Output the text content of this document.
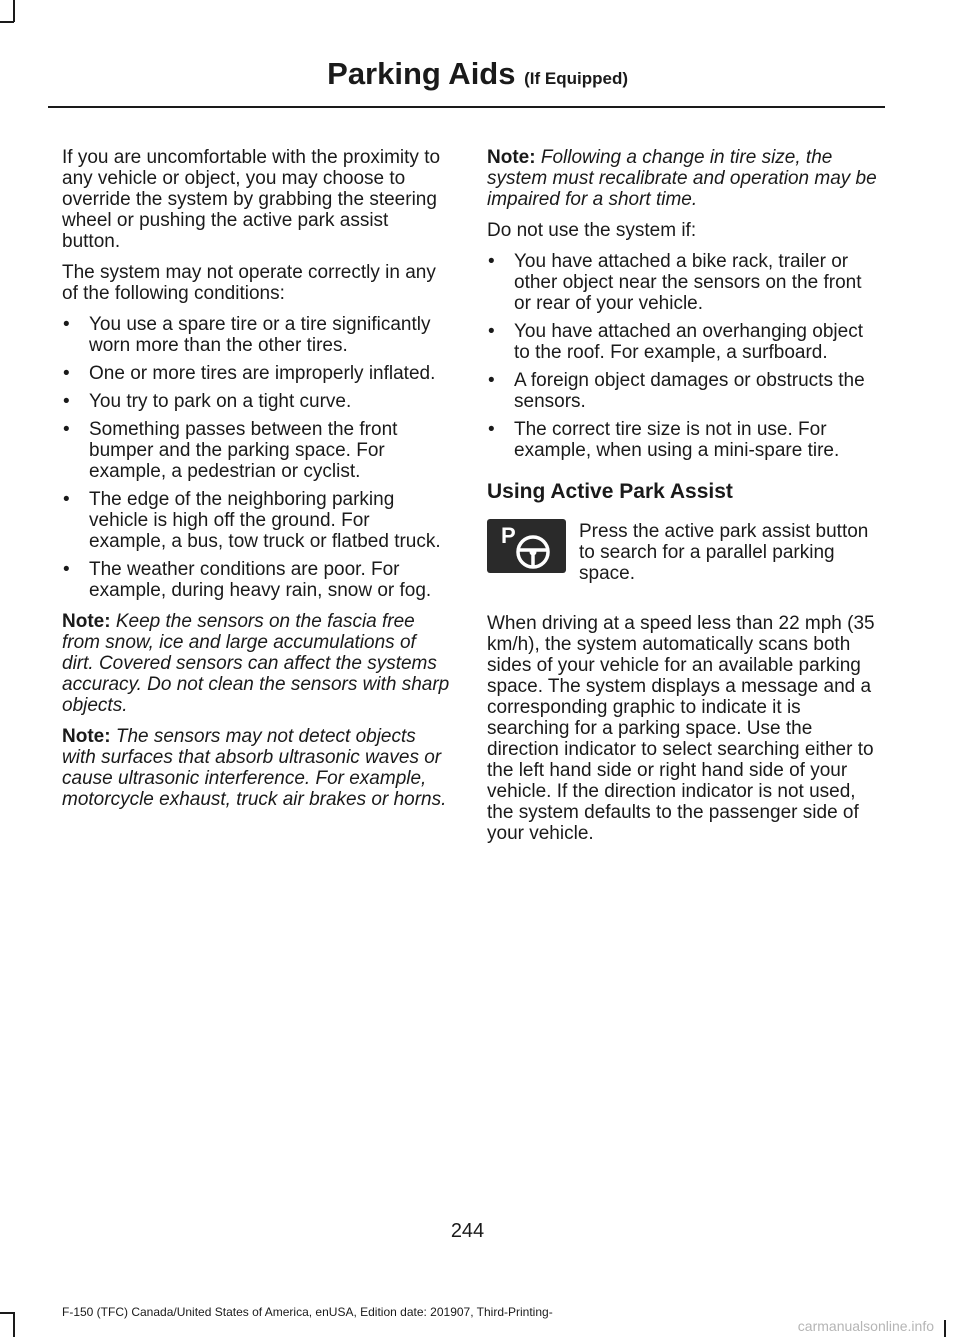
Parking Aids (If Equipped)

If you are uncomfortable with the proximity to any vehicle or object, you may choose to override the system by grabbing the steering wheel or pushing the active park assist button.

The system may not operate correctly in any of the following conditions:

• You use a spare tire or a tire significantly worn more than the other tires.
• One or more tires are improperly inflated.
• You try to park on a tight curve.
• Something passes between the front bumper and the parking space. For example, a pedestrian or cyclist.
• The edge of the neighboring parking vehicle is high off the ground. For example, a bus, tow truck or flatbed truck.
• The weather conditions are poor. For example, during heavy rain, snow or fog.

Note: Keep the sensors on the fascia free from snow, ice and large accumulations of dirt. Covered sensors can affect the systems accuracy. Do not clean the sensors with sharp objects.

Note: The sensors may not detect objects with surfaces that absorb ultrasonic waves or cause ultrasonic interference. For example, motorcycle exhaust, truck air brakes or horns.

Note: Following a change in tire size, the system must recalibrate and operation may be impaired for a short time.

Do not use the system if:

• You have attached a bike rack, trailer or other object near the sensors on the front or rear of your vehicle.
• You have attached an overhanging object to the roof. For example, a surfboard.
• A foreign object damages or obstructs the sensors.
• The correct tire size is not in use. For example, when using a mini-spare tire.
Using Active Park Assist
P	Press the active park assist button to search for a parallel parking space.

When driving at a speed less than 22 mph (35 km/h), the system automatically scans both sides of your vehicle for an available parking space. The system displays a message and a corresponding graphic to indicate it is searching for a parking space. Use the direction indicator to select searching either to the left hand side or right hand side of your vehicle. If the direction indicator is not used, the system defaults to the passenger side of your vehicle.

244
F-150 (TFC) Canada/United States of America, enUSA, Edition date: 201907, Third-Printing-
carmanualsonline.info
